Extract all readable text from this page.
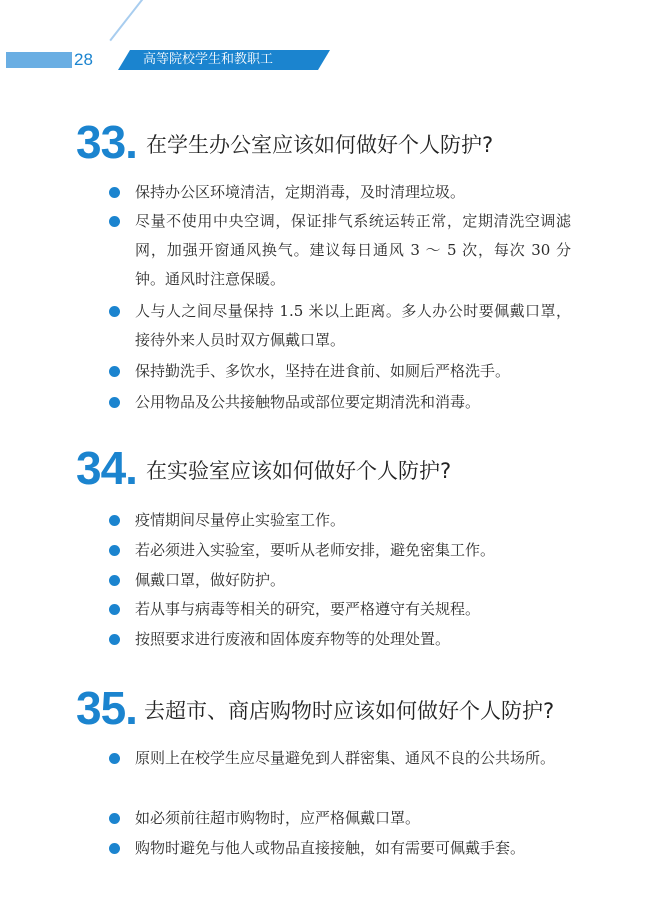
28	高等院校学生和教职工
33. 在学生办公室应该如何做好个人防护?
保持办公区环境清洁，定期消毒，及时清理垃圾。
尽量不使用中央空调，保证排气系统运转正常，定期清洗空调滤网，加强开窗通风换气。建议每日通风 3 ～ 5 次，每次 30 分钟。通风时注意保暖。
人与人之间尽量保持 1.5 米以上距离。多人办公时要佩戴口罩，接待外来人员时双方佩戴口罩。
保持勤洗手、多饮水，坚持在进食前、如厕后严格洗手。
公用物品及公共接触物品或部位要定期清洗和消毒。
34. 在实验室应该如何做好个人防护?
疫情期间尽量停止实验室工作。
若必须进入实验室，要听从老师安排，避免密集工作。
佩戴口罩，做好防护。
若从事与病毒等相关的研究，要严格遵守有关规程。
按照要求进行废液和固体废弃物等的处理处置。
35. 去超市、商店购物时应该如何做好个人防护?
原则上在校学生应尽量避免到人群密集、通风不良的公共场所。
如必须前往超市购物时，应严格佩戴口罩。
购物时避免与他人或物品直接接触，如有需要可佩戴手套。
